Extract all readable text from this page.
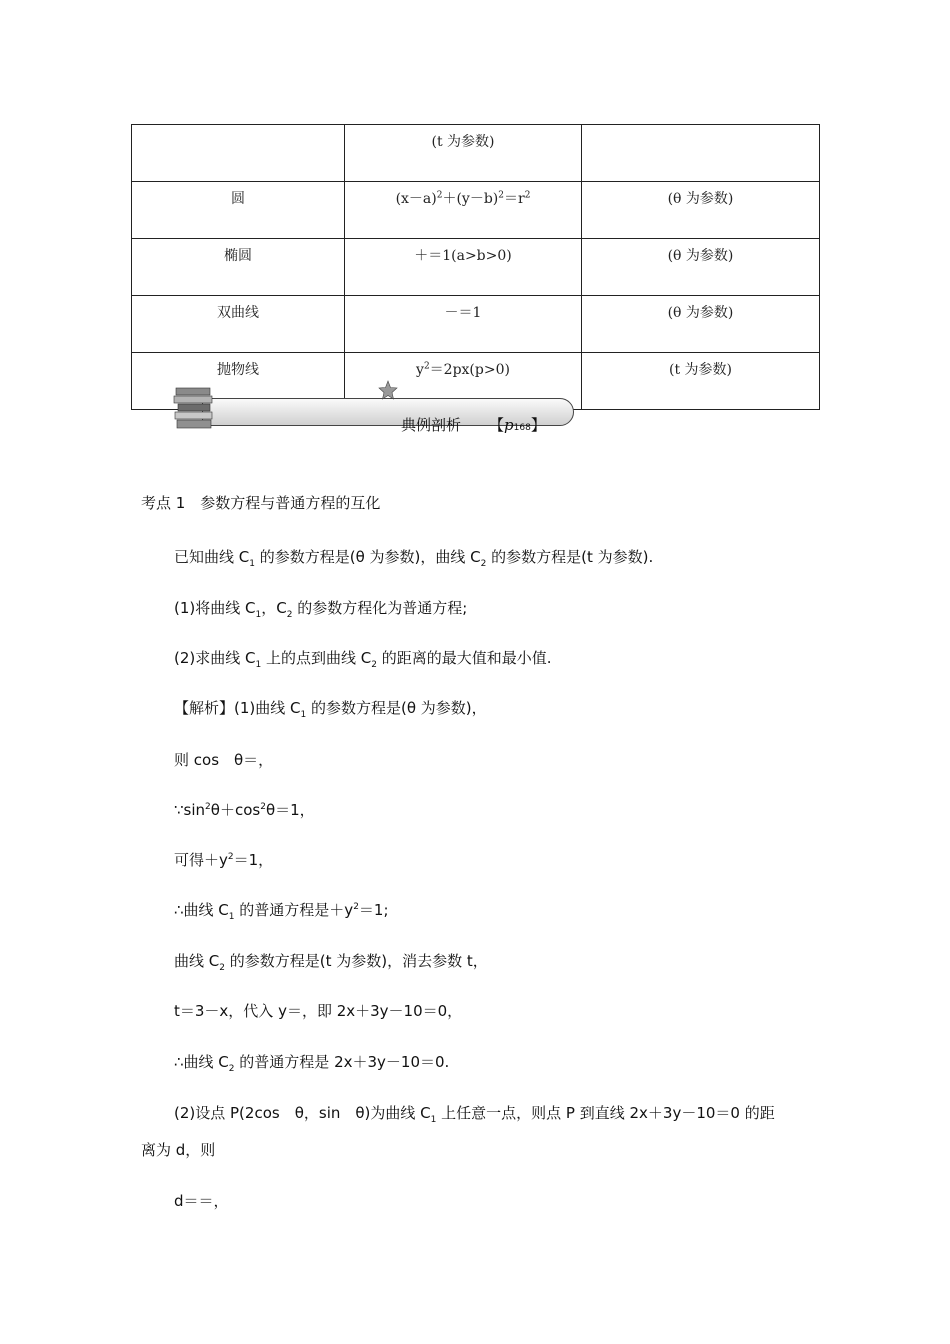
	(t 为参数)	
圆	$(x-a)^2+(y-b)^2=r^2$	(θ 为参数)
椭圆	＋＝1(a>b>0)	(θ 为参数)
双曲线	－＝1	(θ 为参数)
抛物线	$y^2=2px(p>0)$	(t 为参数)
典例剖析 【p168】
考点 1　参数方程与普通方程的互化
已知曲线 $C_1$ 的参数方程是(θ 为参数)，曲线 $C_2$ 的参数方程是(t 为参数).
(1)将曲线 $C_1$，$C_2$ 的参数方程化为普通方程;
(2)求曲线 $C_1$ 上的点到曲线 $C_2$ 的距离的最大值和最小值.
【解析】(1)曲线 $C_1$ 的参数方程是(θ 为参数)，
则 cos　θ＝，
$\because\sin^2\theta+\cos^2\theta=1$，
可得$+y^2=1$，
∴曲线 $C_1$ 的普通方程是$+y^2=1$;
曲线 $C_2$ 的参数方程是(t 为参数)，消去参数 t，
t＝3－x，代入 y＝，即 2x＋3y－10＝0，
∴曲线 $C_2$ 的普通方程是 2x＋3y－10＝0.
(2)设点 P(2cos　θ，sin　θ)为曲线 $C_1$ 上任意一点，则点 P 到直线 2x＋3y－10＝0 的距
离为 d，则
d＝＝，
